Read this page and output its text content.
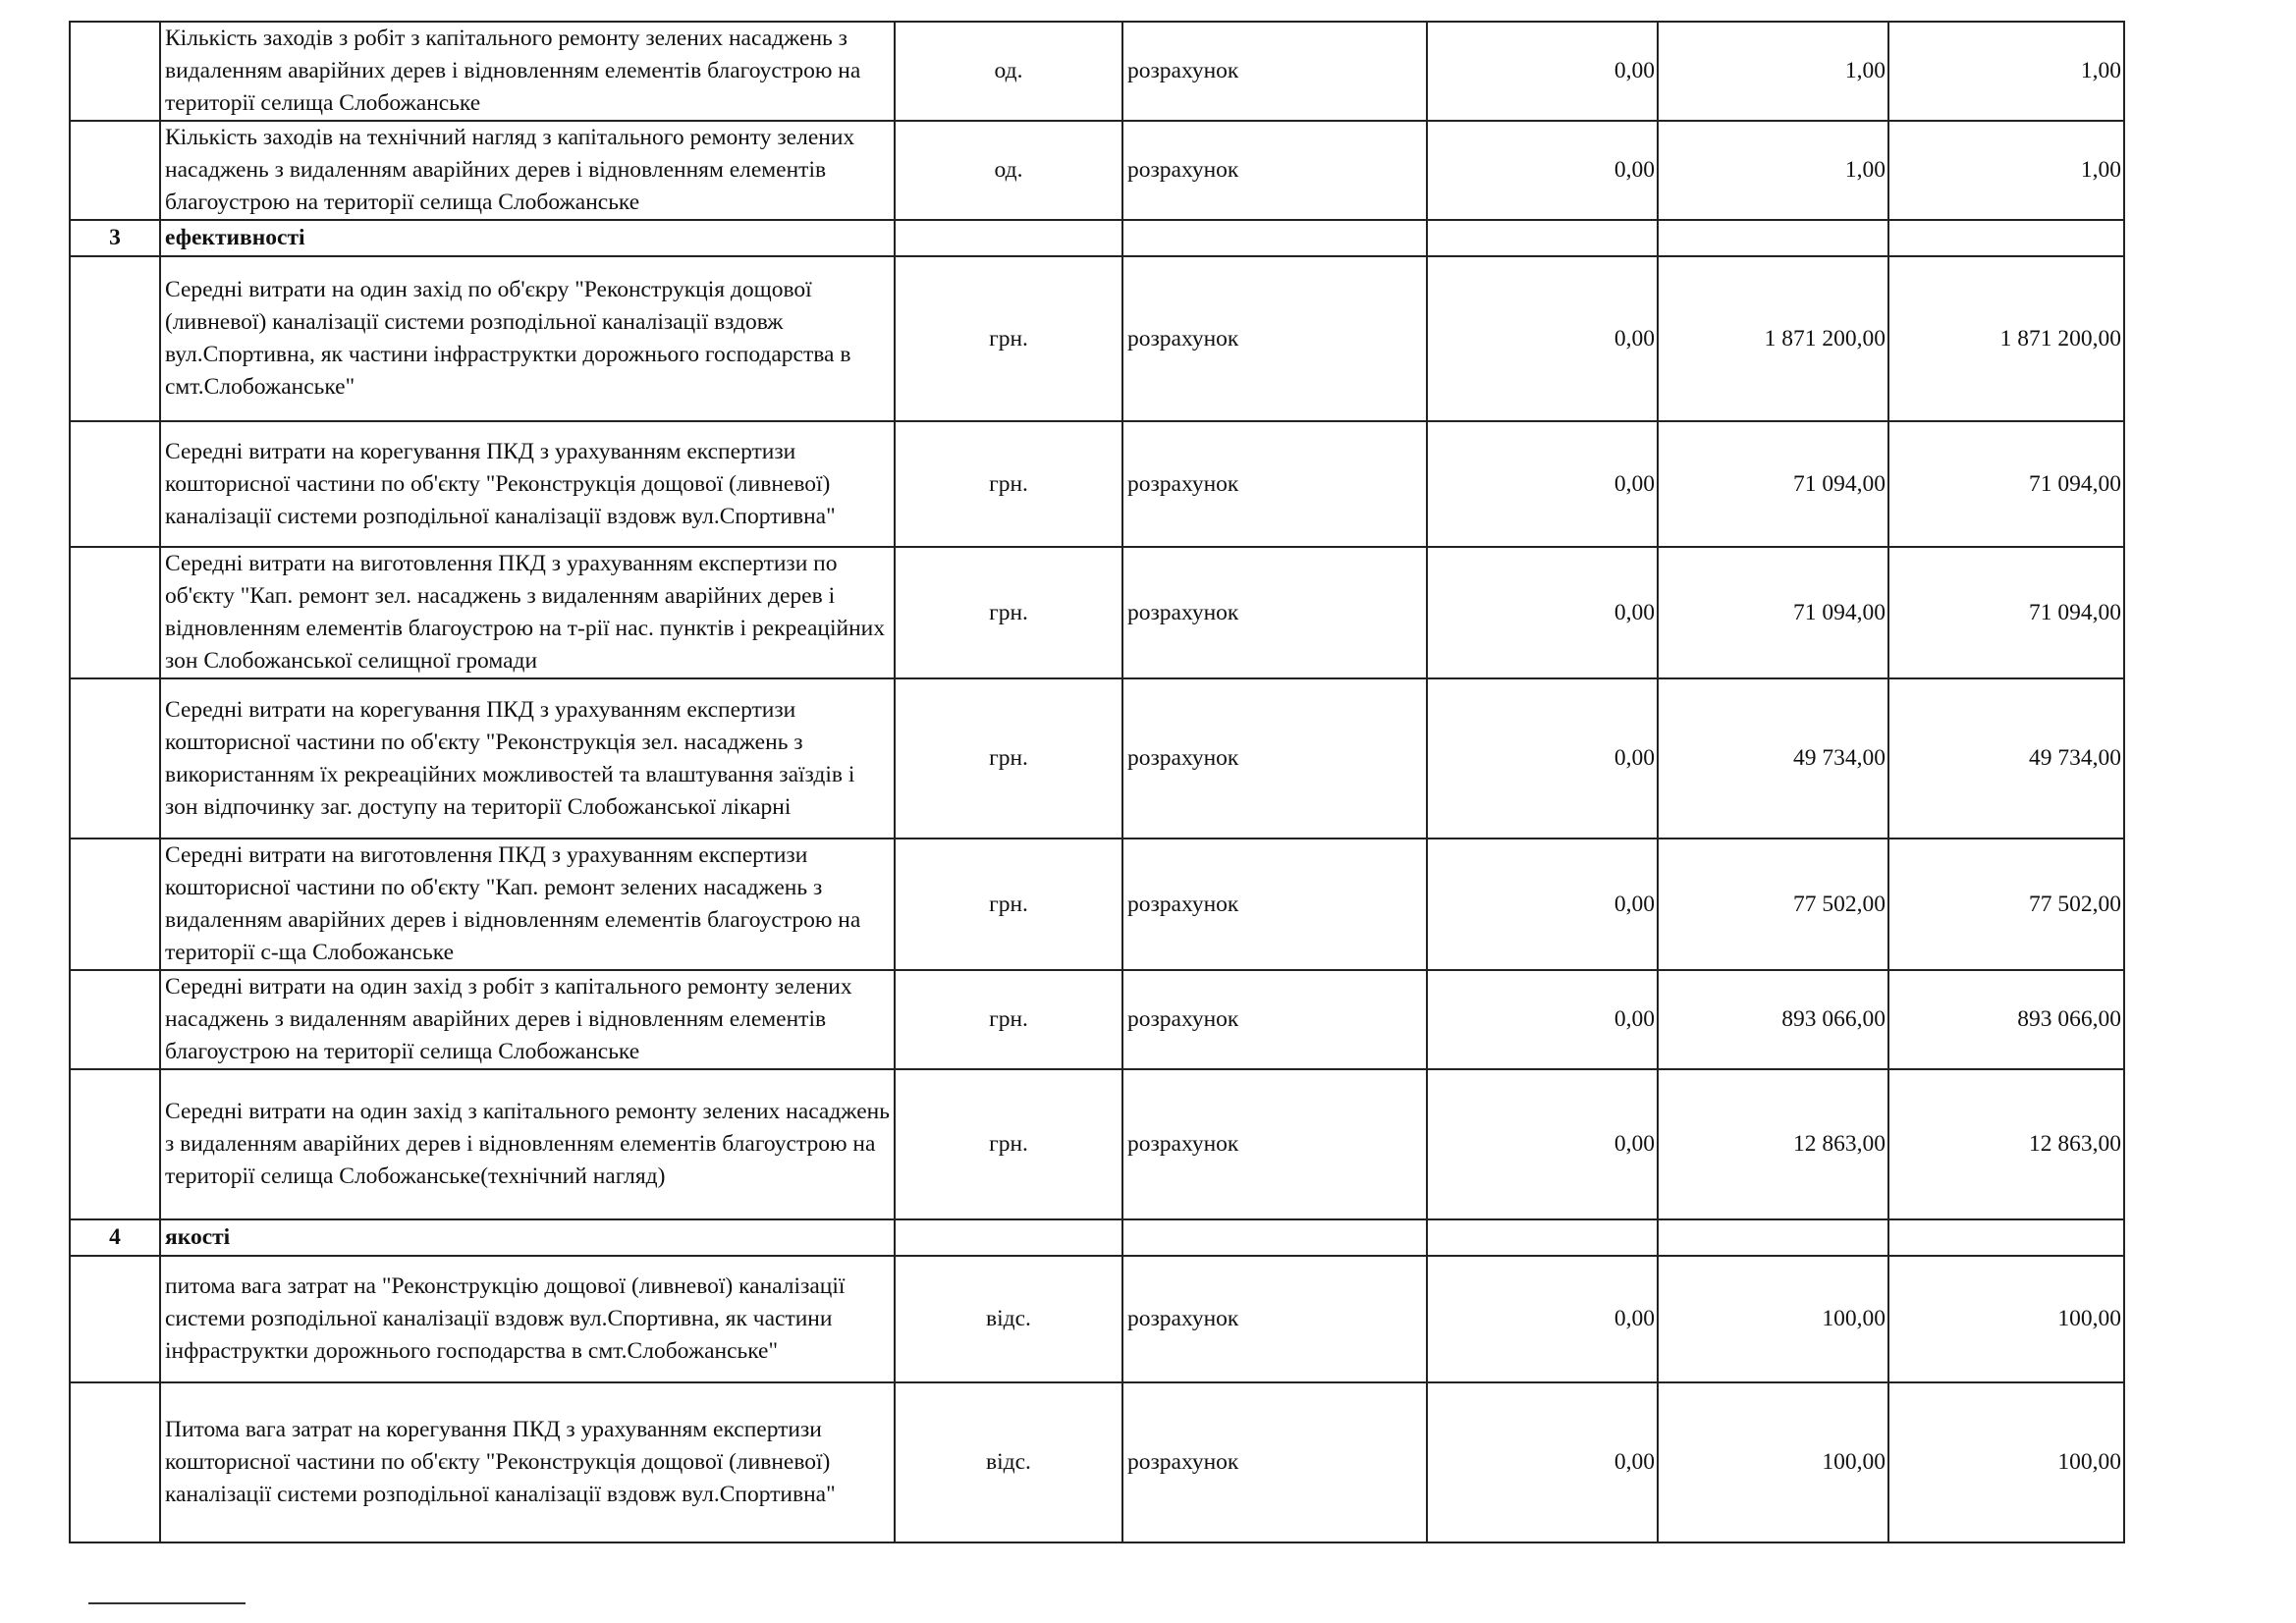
	Кількість заходів з робіт з капітального ремонту зелених насаджень з видаленням аварійних дерев і відновленням елементів благоустрою на території селища Слобожанське	од.	розрахунок	0,00	1,00	1,00
	Кількість заходів на технічний нагляд з капітального ремонту зелених насаджень з видаленням аварійних дерев і відновленням елементів благоустрою на території селища Слобожанське	од.	розрахунок	0,00	1,00	1,00
3	ефективності					
	Середні витрати на один захід по об'єкру "Реконструкція дощової (ливневої) каналізації системи розподільної каналізації вздовж вул.Спортивна, як частини інфраструктки дорожнього господарства в смт.Слобожанське"	грн.	розрахунок	0,00	1 871 200,00	1 871 200,00
	Середні витрати на корегування ПКД з урахуванням експертизи кошторисної частини по об'єкту "Реконструкція дощової (ливневої) каналізації системи розподільної каналізації вздовж вул.Спортивна"	грн.	розрахунок	0,00	71 094,00	71 094,00
	Середні витрати на виготовлення ПКД з урахуванням експертизи по об'єкту "Кап. ремонт зел. насаджень з видаленням аварійних дерев і відновленням елементів благоустрою на т-рії нас. пунктів і рекреаційних зон Слобожанської селищної громади	грн.	розрахунок	0,00	71 094,00	71 094,00
	Середні витрати на корегування ПКД з урахуванням експертизи кошторисної частини по об'єкту "Реконструкція зел. насаджень з використанням їх рекреаційних можливостей та влаштування заїздів і зон відпочинку заг. доступу на території Слобожанської лікарні	грн.	розрахунок	0,00	49 734,00	49 734,00
	Середні витрати на виготовлення ПКД з урахуванням експертизи кошторисної частини по об'єкту "Кап. ремонт зелених насаджень з видаленням аварійних дерев і відновленням елементів благоустрою на території с-ща Слобожанське	грн.	розрахунок	0,00	77 502,00	77 502,00
	Середні витрати на один захід з робіт з капітального ремонту зелених насаджень з видаленням аварійних дерев і відновленням елементів благоустрою на території селища Слобожанське	грн.	розрахунок	0,00	893 066,00	893 066,00
	Середні витрати на один захід з капітального ремонту зелених насаджень з видаленням аварійних дерев і відновленням елементів благоустрою на території селища Слобожанське(технічний нагляд)	грн.	розрахунок	0,00	12 863,00	12 863,00
4	якості					
	питома вага затрат на "Реконструкцію дощової (ливневої) каналізації системи розподільної каналізації вздовж вул.Спортивна, як частини інфраструктки дорожнього господарства в смт.Слобожанське"	відс.	розрахунок	0,00	100,00	100,00
	Питома вага затрат на корегування ПКД з урахуванням експертизи кошторисної частини по об'єкту "Реконструкція дощової (ливневої) каналізації системи розподільної каналізації вздовж вул.Спортивна"	відс.	розрахунок	0,00	100,00	100,00
